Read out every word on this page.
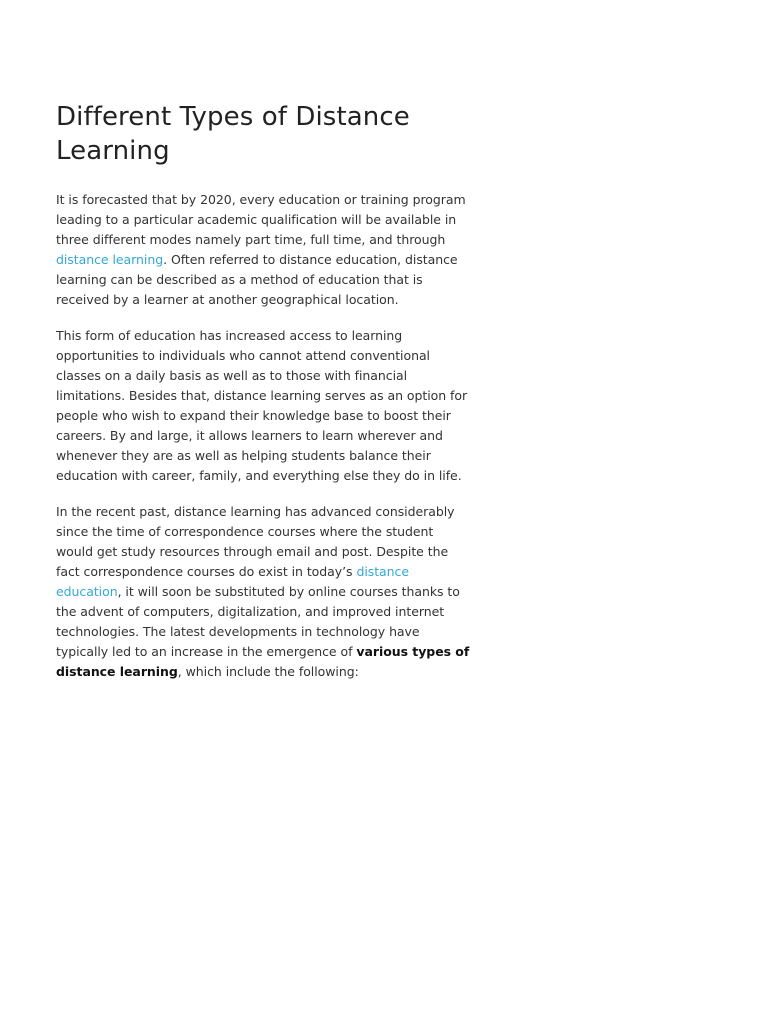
Different Types of Distance Learning

It is forecasted that by 2020, every education or training program leading to a particular academic qualification will be available in three different modes namely part time, full time, and through distance learning. Often referred to distance education, distance learning can be described as a method of education that is received by a learner at another geographical location.

This form of education has increased access to learning opportunities to individuals who cannot attend conventional classes on a daily basis as well as to those with financial limitations. Besides that, distance learning serves as an option for people who wish to expand their knowledge base to boost their careers. By and large, it allows learners to learn wherever and whenever they are as well as helping students balance their education with career, family, and everything else they do in life.

In the recent past, distance learning has advanced considerably since the time of correspondence courses where the student would get study resources through email and post. Despite the fact correspondence courses do exist in today’s distance education, it will soon be substituted by online courses thanks to the advent of computers, digitalization, and improved internet technologies. The latest developments in technology have typically led to an increase in the emergence of various types of distance learning, which include the following:
